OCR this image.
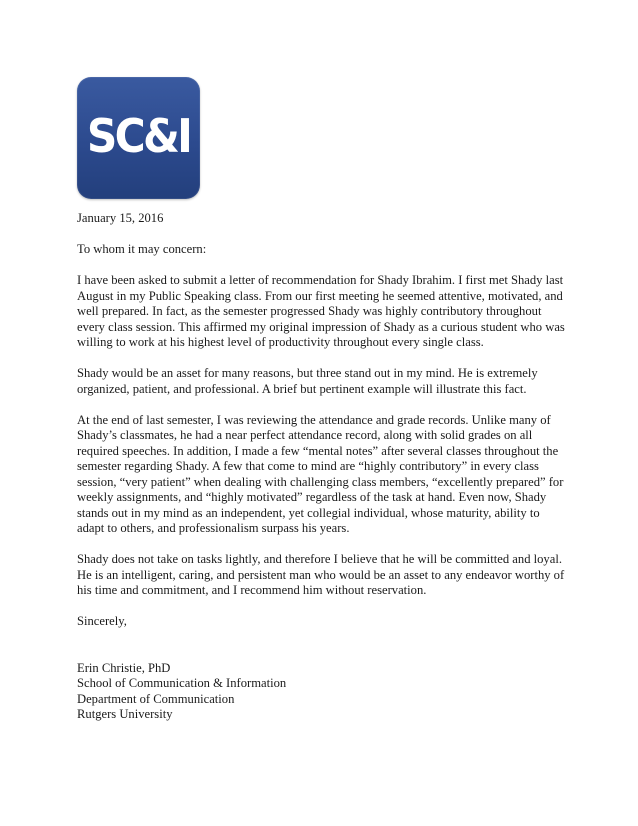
SC&I

January 15, 2016

To whom it may concern:

I have been asked to submit a letter of recommendation for Shady Ibrahim. I first met Shady last August in my Public Speaking class. From our first meeting he seemed attentive, motivated, and well prepared. In fact, as the semester progressed Shady was highly contributory throughout every class session. This affirmed my original impression of Shady as a curious student who was willing to work at his highest level of productivity throughout every single class.

Shady would be an asset for many reasons, but three stand out in my mind. He is extremely organized, patient, and professional. A brief but pertinent example will illustrate this fact.

At the end of last semester, I was reviewing the attendance and grade records. Unlike many of Shady’s classmates, he had a near perfect attendance record, along with solid grades on all required speeches. In addition, I made a few “mental notes” after several classes throughout the semester regarding Shady. A few that come to mind are “highly contributory” in every class session, “very patient” when dealing with challenging class members, “excellently prepared” for weekly assignments, and “highly motivated” regardless of the task at hand. Even now, Shady stands out in my mind as an independent, yet collegial individual, whose maturity, ability to adapt to others, and professionalism surpass his years.

Shady does not take on tasks lightly, and therefore I believe that he will be committed and loyal. He is an intelligent, caring, and persistent man who would be an asset to any endeavor worthy of his time and commitment, and I recommend him without reservation.

Sincerely,

Erin Christie, PhD
School of Communication & Information
Department of Communication
Rutgers University
